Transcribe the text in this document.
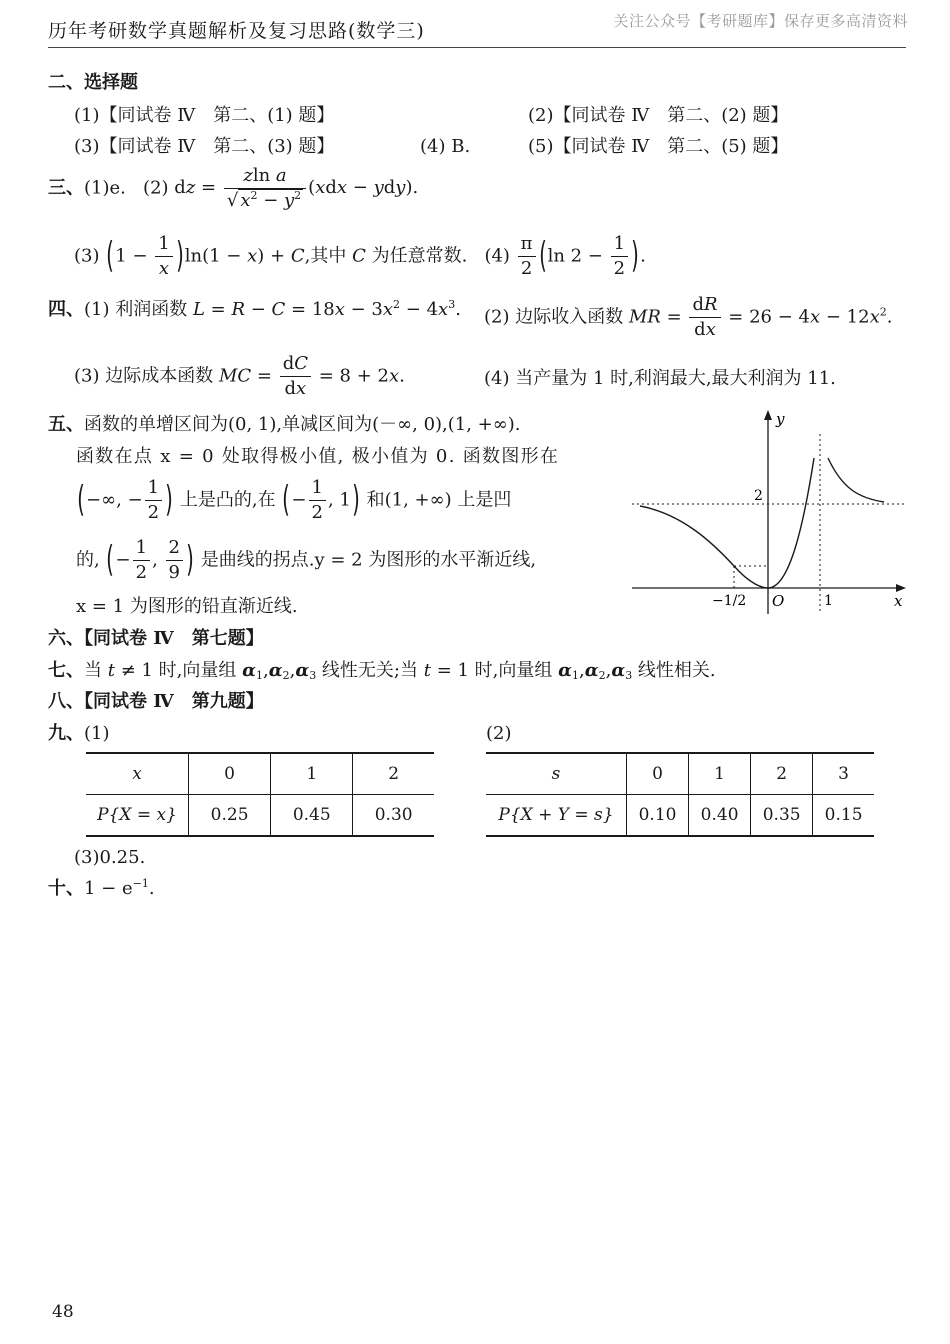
历年考研数学真题解析及复习思路(数学三)	关注公众号【考研题库】保存更多高清资料
二、选择题
(1)【同试卷 Ⅳ　第二、(1) 题】	(2)【同试卷 Ⅳ　第二、(2) 题】
(3)【同试卷 Ⅳ　第二、(3) 题】	(4) B.	(5)【同试卷 Ⅳ　第二、(5) 题】
三、(1)e. (2) dz = $\frac{\text{zln a}}{√ x^2 - y^2} (xdx - ydy)$.
(3) $(1 - \frac{1}{x} )\ln(1 - x) + C$,其中 C 为任意常数.   $(4) \frac{\pi}{2} (\ln$ $2 - \frac{1}{2}$ ).
四、(1) 利润函数 $L = R - C = 18x - 3x^2 - 4x^3$. (2) 边际收入函数 MR = $\frac{dR}{dx} = 26 - 4x - 12x^2$.
(3) 边际成本函数 MC = $\frac{dC}{dx} = 8 + 2x$.	(4) 当产量为 1 时,利润最大,最大利润为 11.
五、函数的单增区间为(0, 1),单减区间为(－∞, 0),(1, +∞).
函数在点 x = 0 处取得极小值, 极小值为 0. 函数图形在
(−∞, − $\frac{1}{2}$ ) 上是凸的,在 (− $\frac{1}{2}$ , 1) 和(1, +∞) 上是凹
的, (− $\frac{1}{2}$ , $\frac{2}{9}$ ) 是曲线的拐点.y = 2 为图形的水平渐近线,
x = 1 为图形的铅直渐近线.
y
x
O
−1/2	1
2
六、【同试卷 Ⅳ　第七题】
七、当 t ≠ 1 时,向量组 $\alpha_1,\alpha_2,\alpha_3$ 线性无关;当 t = 1 时,向量组 $\alpha_1,\alpha_2,\alpha_3$ 线性相关.
八、【同试卷 Ⅳ　第九题】
九、(1)	(2)
x	0	1	2
P{X = x}	0.25	0.45	0.30
s	0	1	2	3
P{X + Y = s}	0.10	0.40	0.35	0.15
(3)0.25.
十、$1 - e^{-1}$.
48
